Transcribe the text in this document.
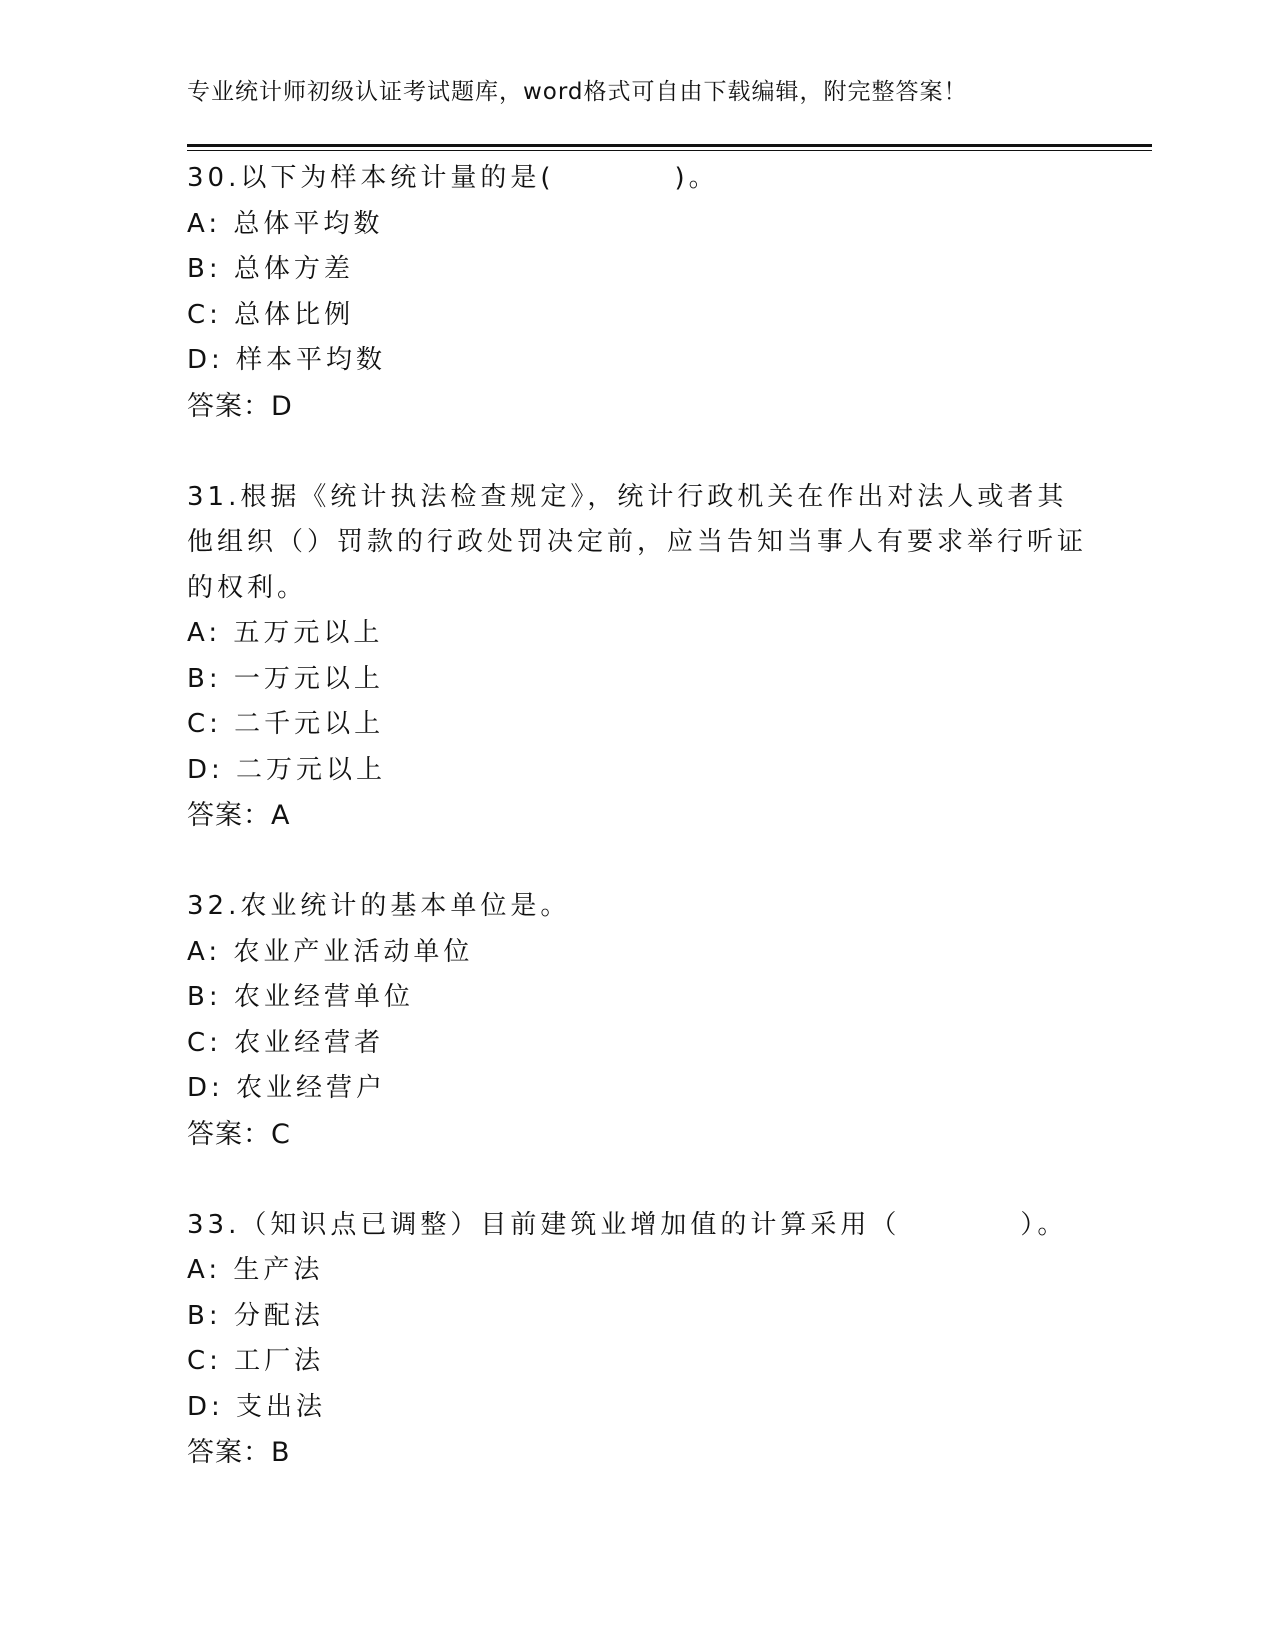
专业统计师初级认证考试题库，word格式可自由下载编辑，附完整答案！
30.以下为样本统计量的是(　　　　)。
A: 总体平均数
B: 总体方差
C: 总体比例
D: 样本平均数
答案：D
31.根据《统计执法检查规定》，统计行政机关在作出对法人或者其他组织（）罚款的行政处罚决定前，应当告知当事人有要求举行听证的权利。
A: 五万元以上
B: 一万元以上
C: 二千元以上
D: 二万元以上
答案：A
32.农业统计的基本单位是。
A: 农业产业活动单位
B: 农业经营单位
C: 农业经营者
D: 农业经营户
答案：C
33.（知识点已调整）目前建筑业增加值的计算采用（　　　　）。
A: 生产法
B: 分配法
C: 工厂法
D: 支出法
答案：B
